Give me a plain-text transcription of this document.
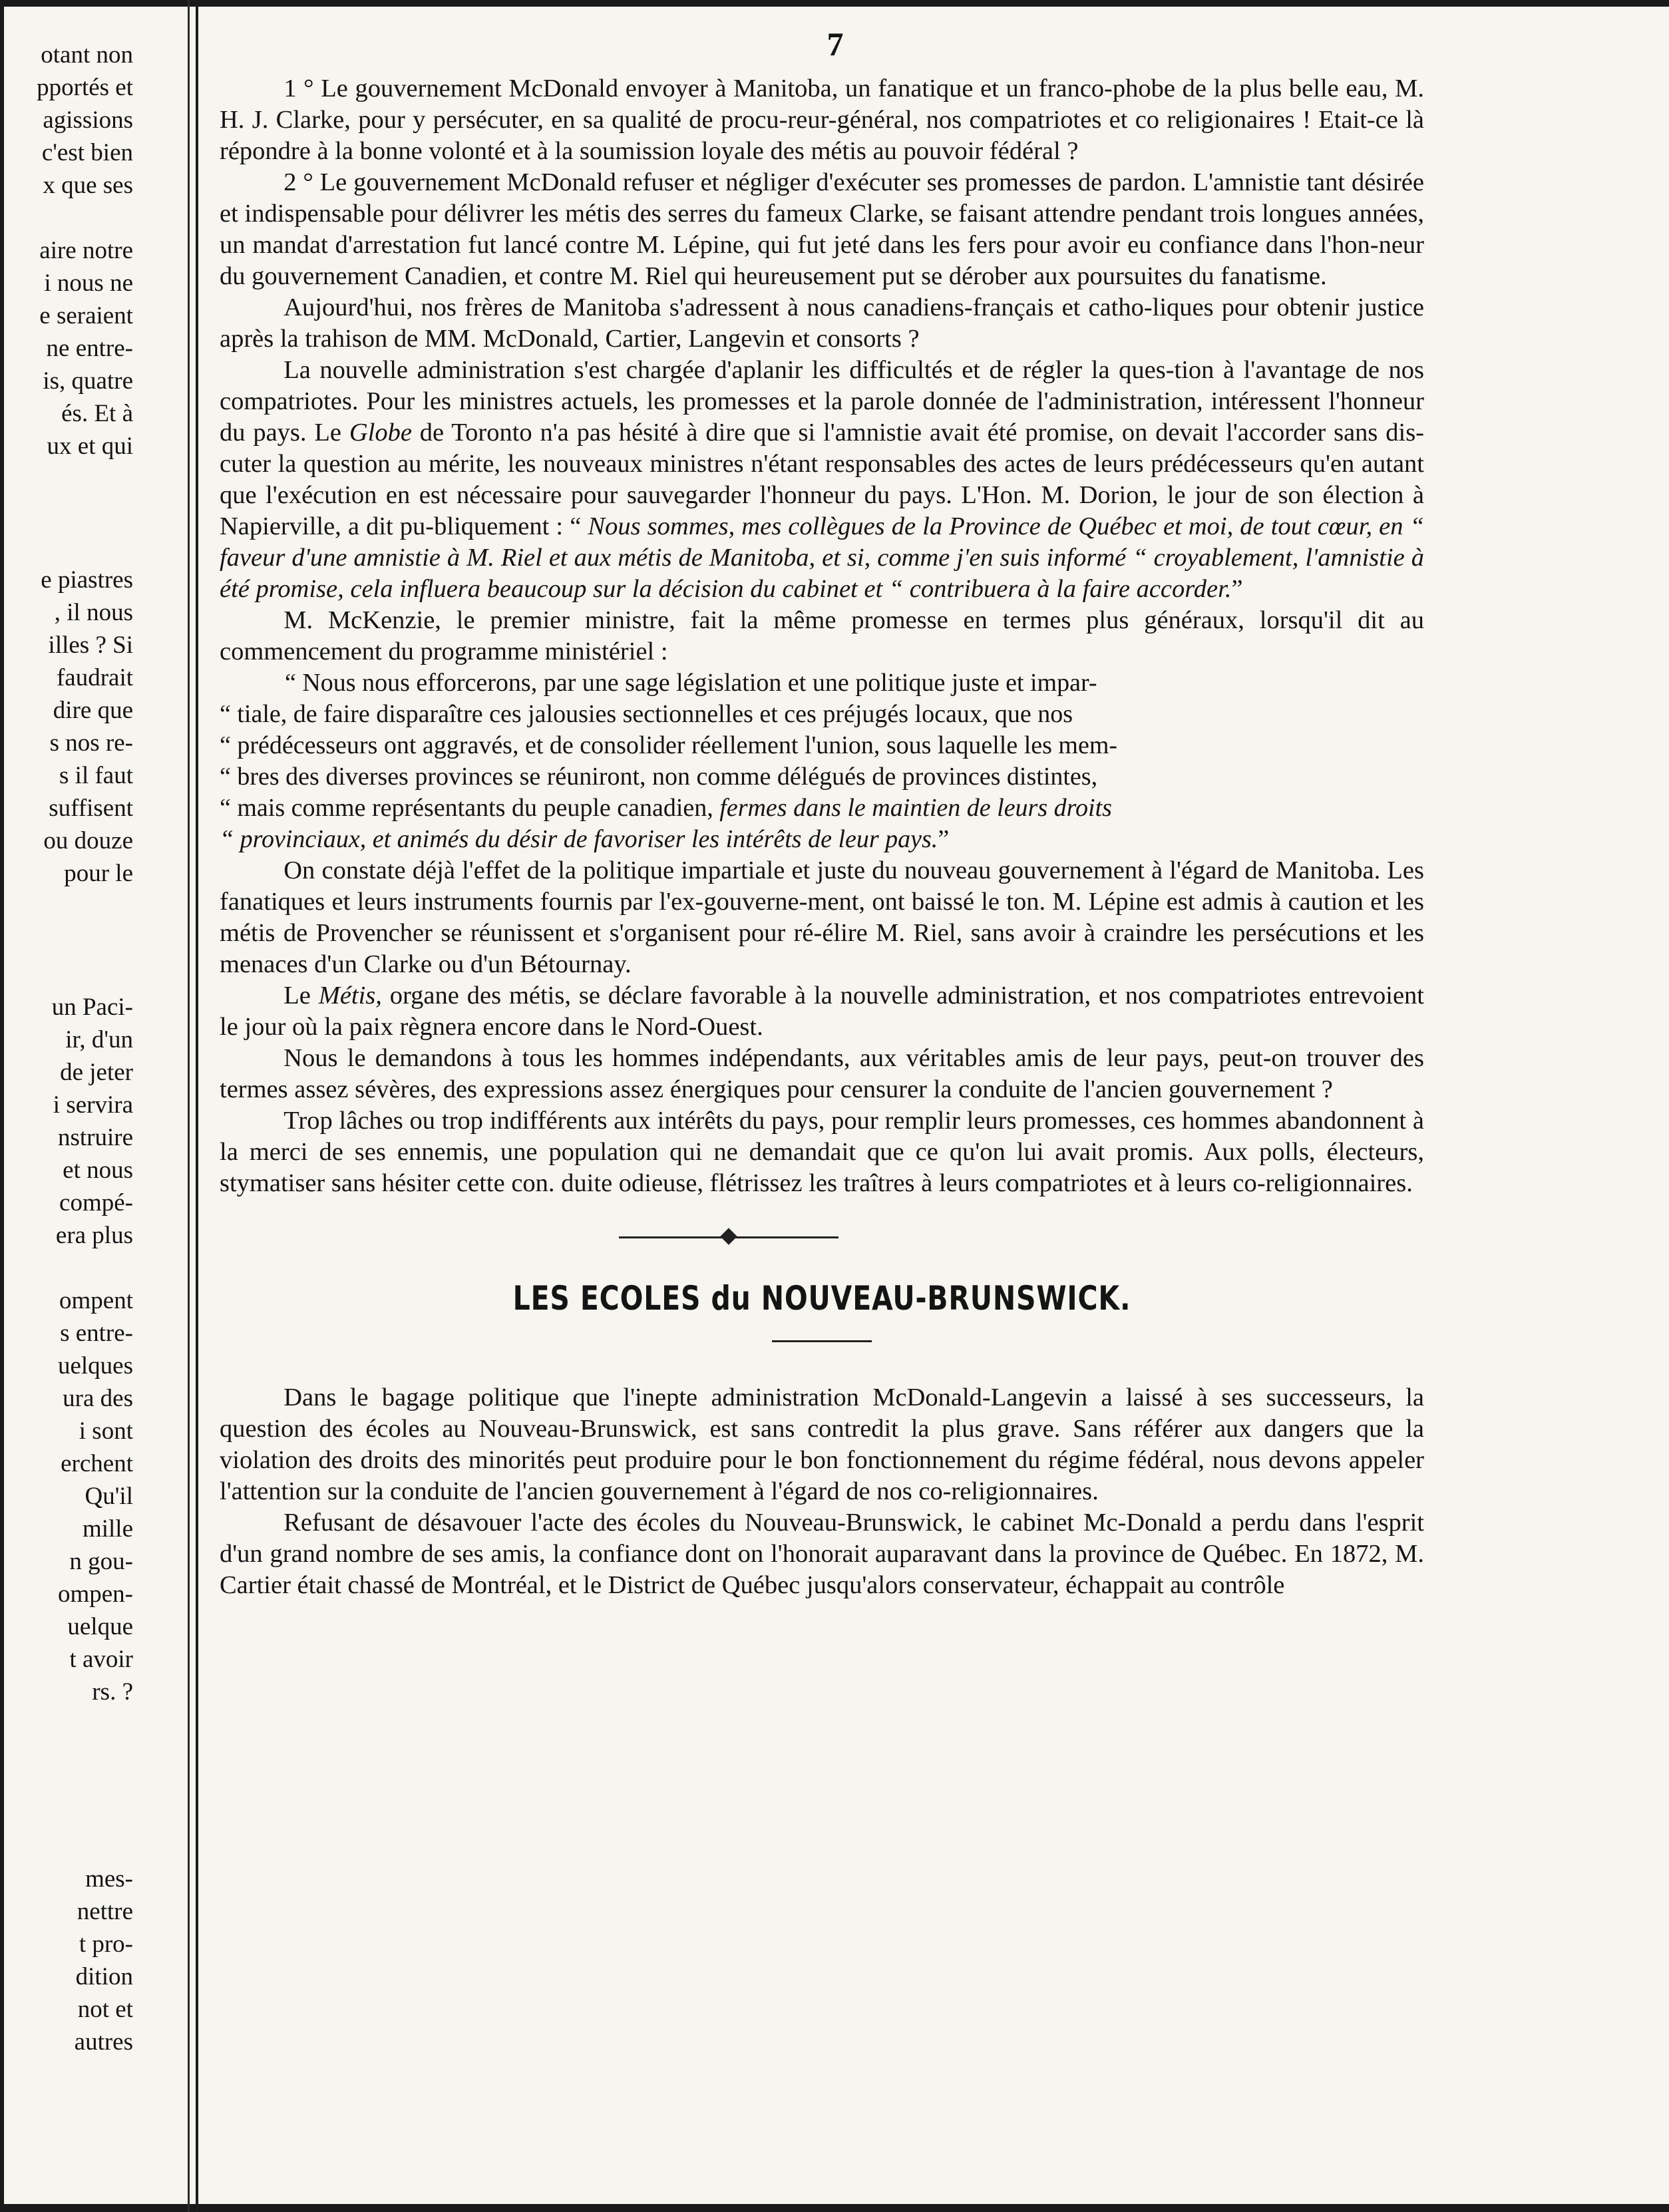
otant non
pportés et
agissions
c'est bien
x que ses
aire notre
i nous ne
e seraient
ne entre-
is, quatre
és. Et à
ux et qui
e piastres
, il nous
illes ? Si
faudrait
dire que
s nos re-
s il faut
suffisent
ou douze
pour le
un Paci-
ir, d'un
de jeter
i servira
nstruire
et nous
compé-
era plus
ompent
s entre-
uelques
ura des
i sont
erchent
Qu'il
mille
n gou-
ompen-
uelque
t avoir
rs. ?
mes-
nettre
t pro-
dition
not et
autres
7

1 ° Le gouvernement McDonald envoyer à Manitoba, un fanatique et un franco-phobe de la plus belle eau, M. H. J. Clarke, pour y persécuter, en sa qualité de procu-reur-général, nos compatriotes et co religionaires ! Etait-ce là répondre à la bonne volonté et à la soumission loyale des métis au pouvoir fédéral ?

2 ° Le gouvernement McDonald refuser et négliger d'exécuter ses promesses de pardon. L'amnistie tant désirée et indispensable pour délivrer les métis des serres du fameux Clarke, se faisant attendre pendant trois longues années, un mandat d'arrestation fut lancé contre M. Lépine, qui fut jeté dans les fers pour avoir eu confiance dans l'hon-neur du gouvernement Canadien, et contre M. Riel qui heureusement put se dérober aux poursuites du fanatisme.

Aujourd'hui, nos frères de Manitoba s'adressent à nous canadiens-français et catho-liques pour obtenir justice après la trahison de MM. McDonald, Cartier, Langevin et consorts ?

La nouvelle administration s'est chargée d'aplanir les difficultés et de régler la ques-tion à l'avantage de nos compatriotes. Pour les ministres actuels, les promesses et la parole donnée de l'administration, intéressent l'honneur du pays. Le Globe de Toronto n'a pas hésité à dire que si l'amnistie avait été promise, on devait l'accorder sans dis-cuter la question au mérite, les nouveaux ministres n'étant responsables des actes de leurs prédécesseurs qu'en autant que l'exécution en est nécessaire pour sauvegarder l'honneur du pays. L'Hon. M. Dorion, le jour de son élection à Napierville, a dit pu-bliquement : “ Nous sommes, mes collègues de la Province de Québec et moi, de tout cœur, en “ faveur d'une amnistie à M. Riel et aux métis de Manitoba, et si, comme j'en suis informé “ croyablement, l'amnistie à été promise, cela influera beaucoup sur la décision du cabinet et “ contribuera à la faire accorder.”

M. McKenzie, le premier ministre, fait la même promesse en termes plus généraux, lorsqu'il dit au commencement du programme ministériel :

“ Nous nous efforcerons, par une sage législation et une politique juste et impar-

“ tiale, de faire disparaître ces jalousies sectionnelles et ces préjugés locaux, que nos

“ prédécesseurs ont aggravés, et de consolider réellement l'union, sous laquelle les mem-

“ bres des diverses provinces se réuniront, non comme délégués de provinces distintes,

“ mais comme représentants du peuple canadien, fermes dans le maintien de leurs droits

“ provinciaux, et animés du désir de favoriser les intérêts de leur pays.”

On constate déjà l'effet de la politique impartiale et juste du nouveau gouvernement à l'égard de Manitoba. Les fanatiques et leurs instruments fournis par l'ex-gouverne-ment, ont baissé le ton. M. Lépine est admis à caution et les métis de Provencher se réunissent et s'organisent pour ré-élire M. Riel, sans avoir à craindre les persécutions et les menaces d'un Clarke ou d'un Bétournay.

Le Métis, organe des métis, se déclare favorable à la nouvelle administration, et nos compatriotes entrevoient le jour où la paix règnera encore dans le Nord-Ouest.

Nous le demandons à tous les hommes indépendants, aux véritables amis de leur pays, peut-on trouver des termes assez sévères, des expressions assez énergiques pour censurer la conduite de l'ancien gouvernement ?

Trop lâches ou trop indifférents aux intérêts du pays, pour remplir leurs promesses, ces hommes abandonnent à la merci de ses ennemis, une population qui ne demandait que ce qu'on lui avait promis. Aux polls, électeurs, stymatiser sans hésiter cette con. duite odieuse, flétrissez les traîtres à leurs compatriotes et à leurs co-religionnaires.

LES ECOLES du NOUVEAU-BRUNSWICK.

Dans le bagage politique que l'inepte administration McDonald-Langevin a laissé à ses successeurs, la question des écoles au Nouveau-Brunswick, est sans contredit la plus grave. Sans référer aux dangers que la violation des droits des minorités peut produire pour le bon fonctionnement du régime fédéral, nous devons appeler l'attention sur la conduite de l'ancien gouvernement à l'égard de nos co-religionnaires.

Refusant de désavouer l'acte des écoles du Nouveau-Brunswick, le cabinet Mc-Donald a perdu dans l'esprit d'un grand nombre de ses amis, la confiance dont on l'honorait auparavant dans la province de Québec. En 1872, M. Cartier était chassé de Montréal, et le District de Québec jusqu'alors conservateur, échappait au contrôle
